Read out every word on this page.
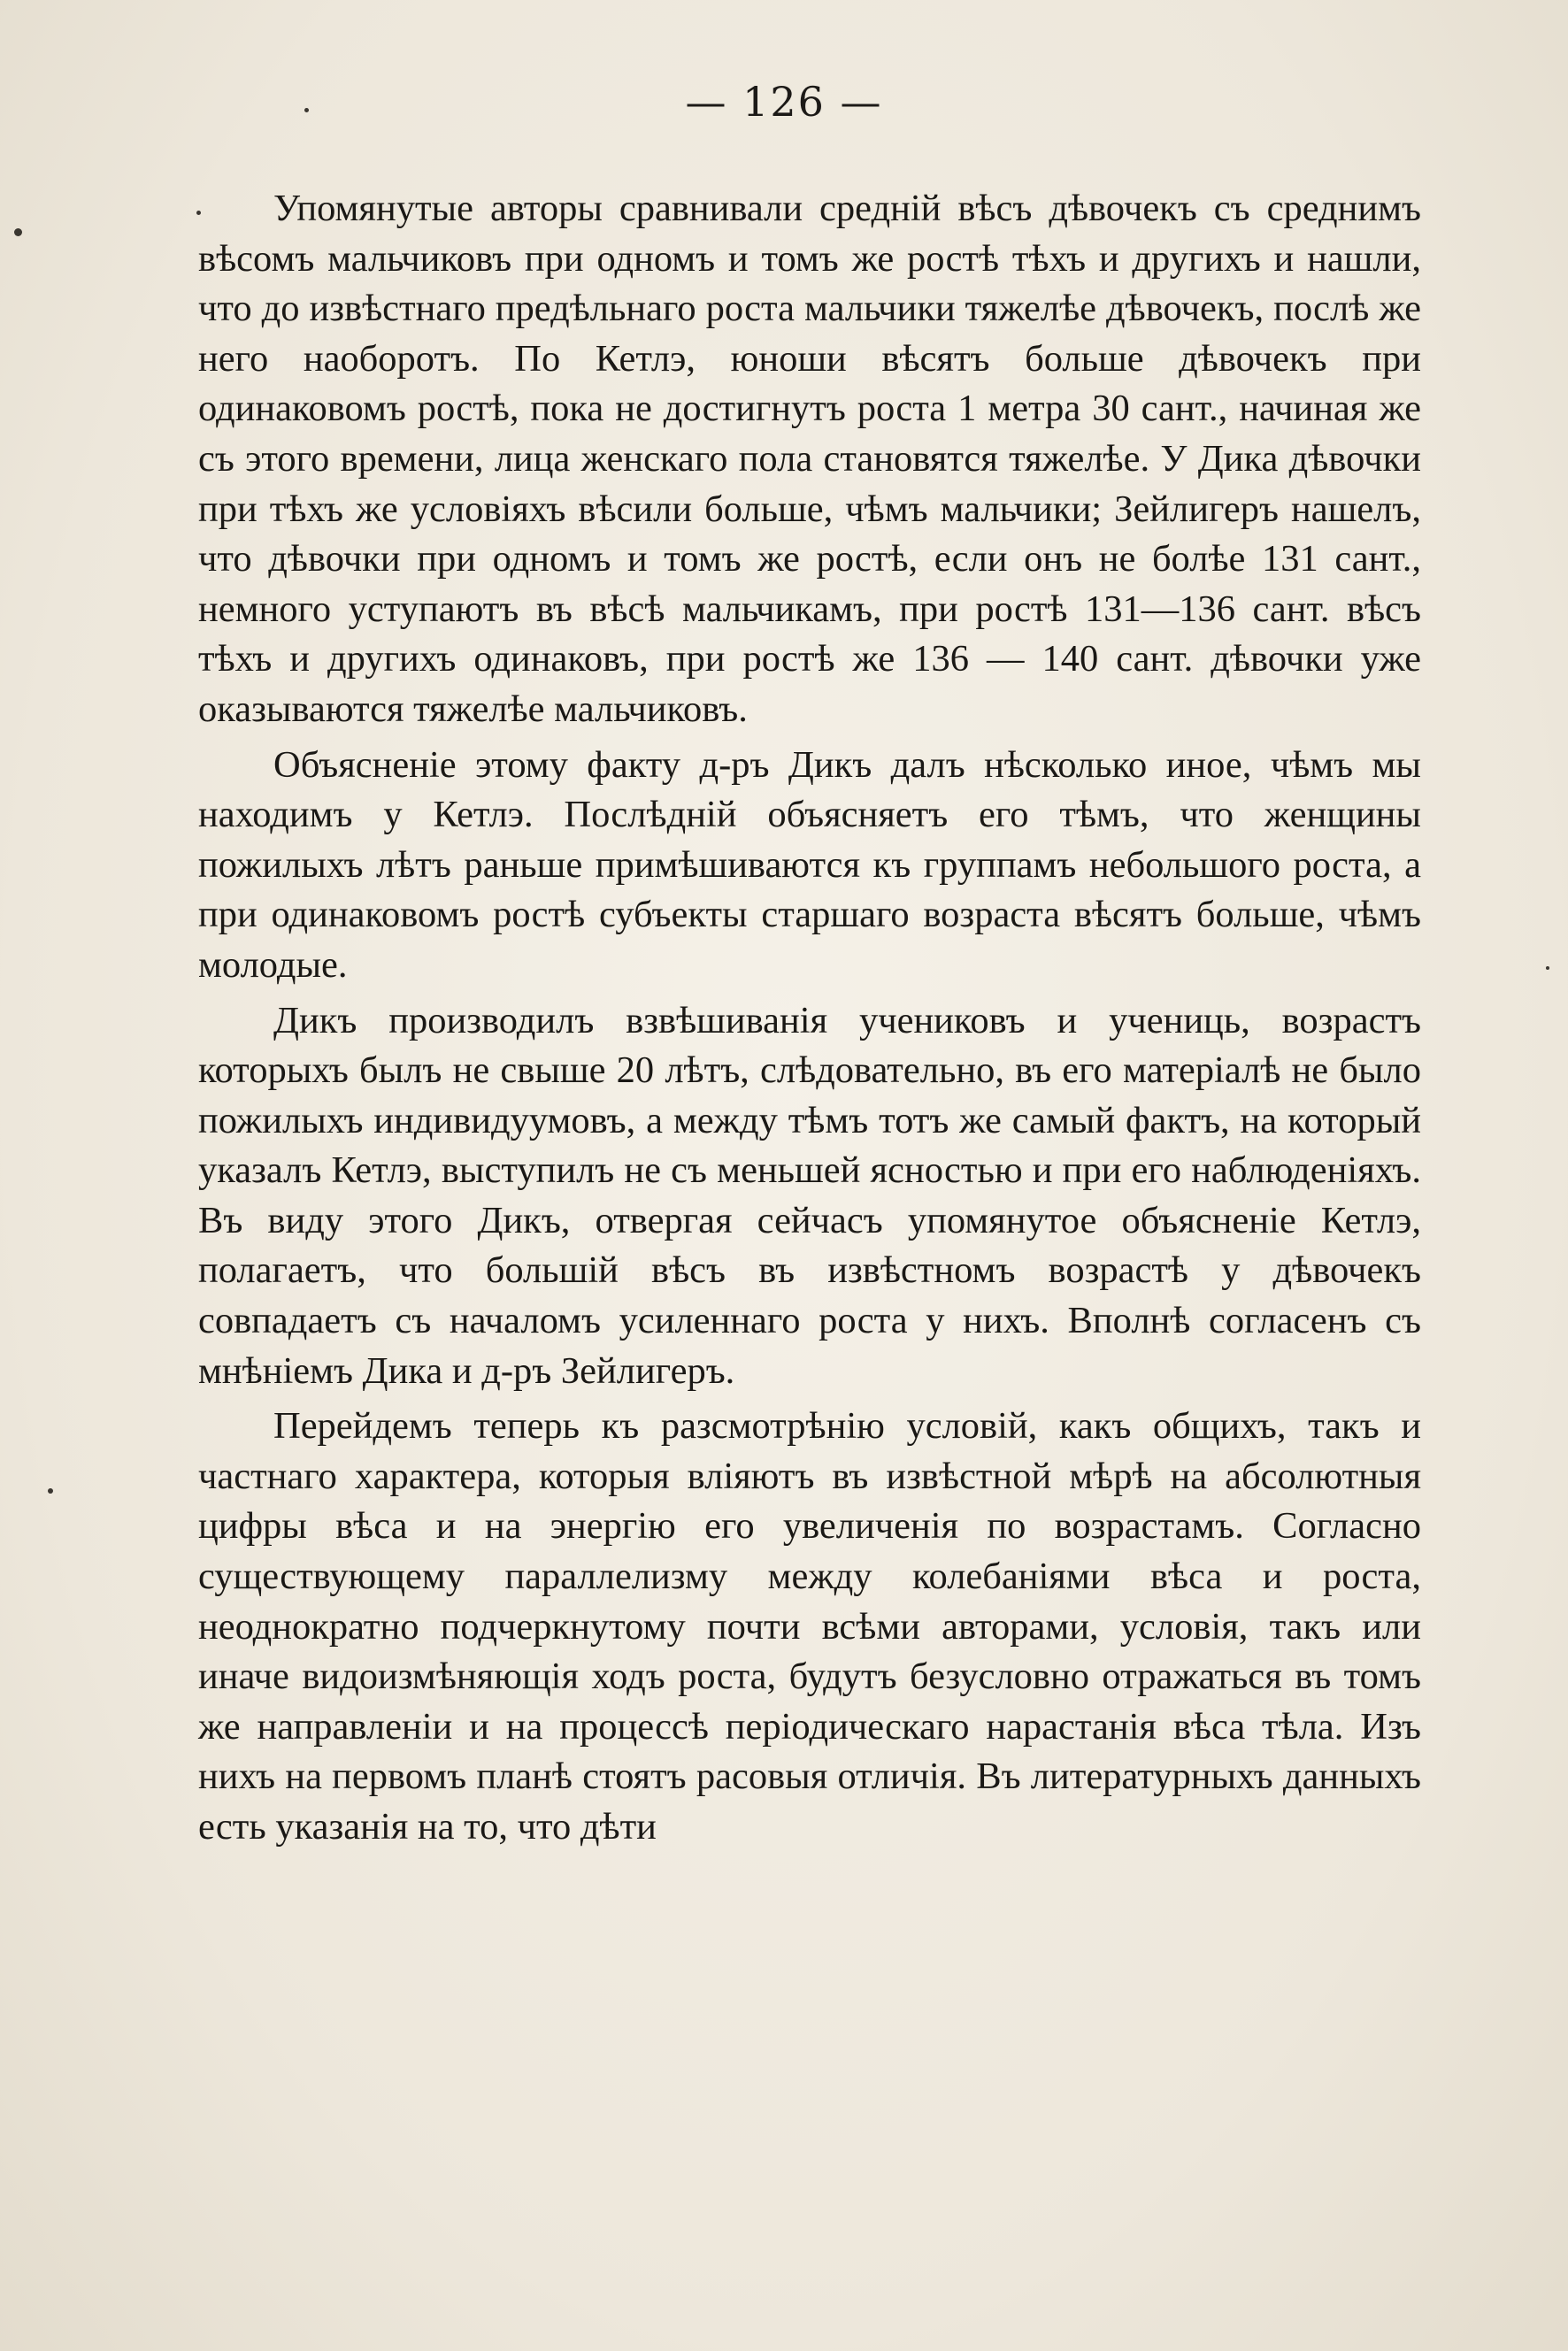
— 126 —

Упомянутые авторы сравнивали среднiй вѣсъ дѣвочекъ съ среднимъ вѣсомъ мальчиковъ при одномъ и томъ же ростѣ тѣхъ и другихъ и нашли, что до извѣстнаго предѣльнаго роста мальчики тяжелѣе дѣвочекъ, послѣ же него наоборотъ. По Кетлэ, юноши вѣсятъ больше дѣвочекъ при одинаковомъ ростѣ, пока не достигнутъ роста 1 метра 30 сант., начиная же съ этого времени, лица женскаго пола становятся тяжелѣе. У Дика дѣвочки при тѣхъ же условiяхъ вѣсили больше, чѣмъ мальчики; Зейлигеръ нашелъ, что дѣвочки при одномъ и томъ же ростѣ, если онъ не болѣе 131 сант., немного уступаютъ въ вѣсѣ мальчикамъ, при ростѣ 131—136 сант. вѣсъ тѣхъ и другихъ одинаковъ, при ростѣ же 136 — 140 сант. дѣвочки уже оказываются тяжелѣе мальчиковъ.

Объясненiе этому факту д-ръ Дикъ далъ нѣсколько иное, чѣмъ мы находимъ у Кетлэ. Послѣднiй объясняетъ его тѣмъ, что женщины пожилыхъ лѣтъ раньше примѣшиваются къ группамъ небольшого роста, а при одинаковомъ ростѣ субъекты старшаго возраста вѣсятъ больше, чѣмъ молодые.

Дикъ производилъ взвѣшиванiя учениковъ и учениць, возрастъ которыхъ былъ не свыше 20 лѣтъ, слѣдовательно, въ его матерiалѣ не было пожилыхъ индивидуумовъ, а между тѣмъ тотъ же самый фактъ, на который указалъ Кетлэ, выступилъ не съ меньшей ясностью и при его наблюденiяхъ. Въ виду этого Дикъ, отвергая сейчасъ упомянутое объясненiе Кетлэ, полагаетъ, что большiй вѣсъ въ извѣстномъ возрастѣ у дѣвочекъ совпадаетъ съ началомъ усиленнаго роста у нихъ. Вполнѣ согласенъ съ мнѣнiемъ Дика и д-ръ Зейлигеръ.

Перейдемъ теперь къ разсмотрѣнiю условiй, какъ общихъ, такъ и частнаго характера, которыя влiяютъ въ извѣстной мѣрѣ на абсолютныя цифры вѣса и на энергiю его увеличенiя по возрастамъ. Согласно существующему параллелизму между колебанiями вѣса и роста, неоднократно подчеркнутому почти всѣми авторами, условiя, такъ или иначе видоизмѣняющiя ходъ роста, будутъ безусловно отражаться въ томъ же направленiи и на процессѣ перiодическаго нарастанiя вѣса тѣла. Изъ нихъ на первомъ планѣ стоятъ расовыя отличiя. Въ литературныхъ данныхъ есть указанiя на то, что дѣти
